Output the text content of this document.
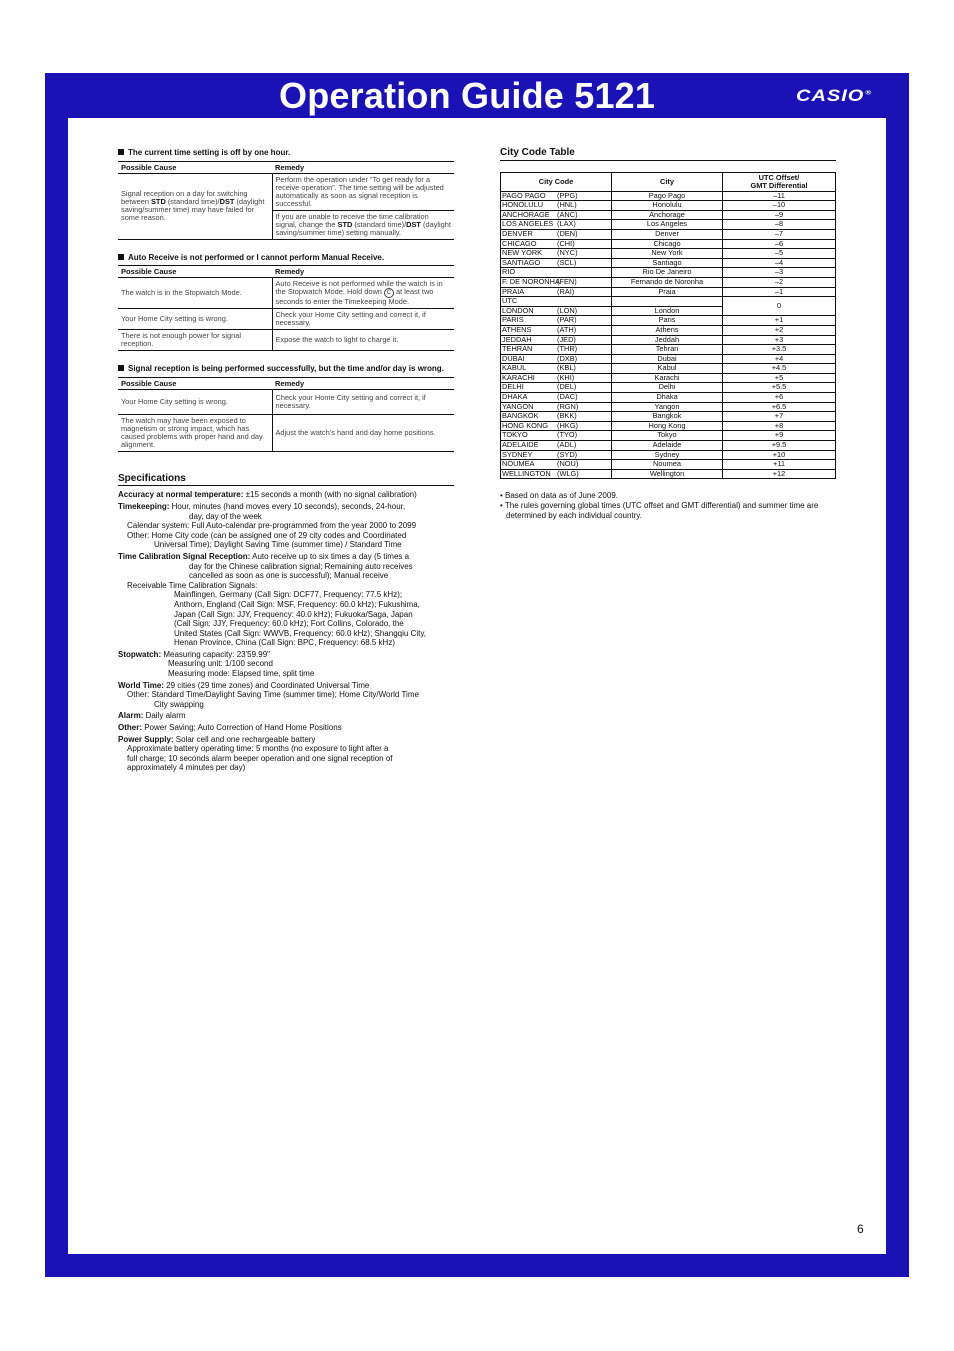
Operation Guide 5121	CASIO®
The current time setting is off by one hour.
Possible Cause	Remedy
Signal reception on a day for switching between STD (standard time)/DST (daylight saving/summer time) may have failed for some reason.	Perform the operation under “To get ready for a receive operation”. The time setting will be adjusted automatically as soon as signal reception is successful.
	If you are unable to receive the time calibration signal, change the STD (standard time)/DST (daylight saving/summer time) setting manually.
Auto Receive is not performed or I cannot perform Manual Receive.
Possible Cause	Remedy
The watch is in the Stopwatch Mode.	Auto Receive is not performed while the watch is in the Stopwatch Mode. Hold down C at least two seconds to enter the Timekeeping Mode.
Your Home City setting is wrong.	Check your Home City setting and correct it, if necessary.
There is not enough power for signal reception.	Expose the watch to light to charge it.
Signal reception is being performed successfully, but the time and/or day is wrong.
Possible Cause	Remedy
Your Home City setting is wrong.	Check your Home City setting and correct it, if necessary.
The watch may have been exposed to magnetism or strong impact, which has caused problems with proper hand and day alignment.	Adjust the watch’s hand and day home positions.
Specifications
Accuracy at normal temperature: ±15 seconds a month (with no signal calibration)
Timekeeping: Hour, minutes (hand moves every 10 seconds), seconds, 24-hour,
day, day of the week
Calendar system: Full Auto-calendar pre-programmed from the year 2000 to 2099
Other: Home City code (can be assigned one of 29 city codes and Coordinated
Universal Time); Daylight Saving Time (summer time) / Standard Time
Time Calibration Signal Reception: Auto receive up to six times a day (5 times a
day for the Chinese calibration signal; Remaining auto receives
cancelled as soon as one is successful); Manual receive
Receivable Time Calibration Signals:
Mainflingen, Germany (Call Sign: DCF77, Frequency: 77.5 kHz);
Anthorn, England (Call Sign: MSF, Frequency: 60.0 kHz); Fukushima,
Japan (Call Sign: JJY, Frequency: 40.0 kHz); Fukuoka/Saga, Japan
(Call Sign: JJY, Frequency: 60.0 kHz); Fort Collins, Colorado, the
United States (Call Sign: WWVB, Frequency: 60.0 kHz); Shangqiu City,
Henan Province, China (Call Sign: BPC, Frequency: 68.5 kHz)
Stopwatch: Measuring capacity: 23'59.99"
Measuring unit: 1/100 second
Measuring mode: Elapsed time, split time
World Time: 29 cities (29 time zones) and Coordinated Universal Time
Other: Standard Time/Daylight Saving Time (summer time); Home City/World Time
City swapping
Alarm: Daily alarm
Other: Power Saving; Auto Correction of Hand Home Positions
Power Supply: Solar cell and one rechargeable battery
Approximate battery operating time: 5 months (no exposure to light after a
full charge; 10 seconds alarm beeper operation and one signal reception of
approximately 4 minutes per day)
City Code Table
City Code		City	UTC Offset/
GMT Differential

PAGO PAGO	(PPG)	Pago Pago	–11
HONOLULU	(HNL)	Honolulu	–10
ANCHORAGE	(ANC)	Anchorage	–9
LOS ANGELES	(LAX)	Los Angeles	–8
DENVER	(DEN)	Denver	–7
CHICAGO	(CHI)	Chicago	–6
NEW YORK	(NYC)	New York	–5
SANTIAGO	(SCL)	Santiago	–4
RIO		Rio De Janeiro	–3
F. DE NORONHA	(FEN)	Fernando de Noronha	–2
PRAIA	(RAI)	Praia	–1
UTC			0
LONDON	(LON)	London	
PARIS	(PAR)	Paris	+1
ATHENS	(ATH)	Athens	+2
JEDDAH	(JED)	Jeddah	+3
TEHRAN	(THR)	Tehran	+3.5
DUBAI	(DXB)	Dubai	+4
KABUL	(KBL)	Kabul	+4.5
KARACHI	(KHI)	Karachi	+5
DELHI	(DEL)	Delhi	+5.5
DHAKA	(DAC)	Dhaka	+6
YANGON	(RGN)	Yangon	+6.5
BANGKOK	(BKK)	Bangkok	+7
HONG KONG	(HKG)	Hong Kong	+8
TOKYO	(TYO)	Tokyo	+9
ADELAIDE	(ADL)	Adelaide	+9.5
SYDNEY	(SYD)	Sydney	+10
NOUMEA	(NOU)	Noumea	+11
WELLINGTON	(WLG)	Wellington	+12
• Based on data as of June 2009.
• The rules governing global times (UTC offset and GMT differential) and summer time are determined by each individual country.
6
